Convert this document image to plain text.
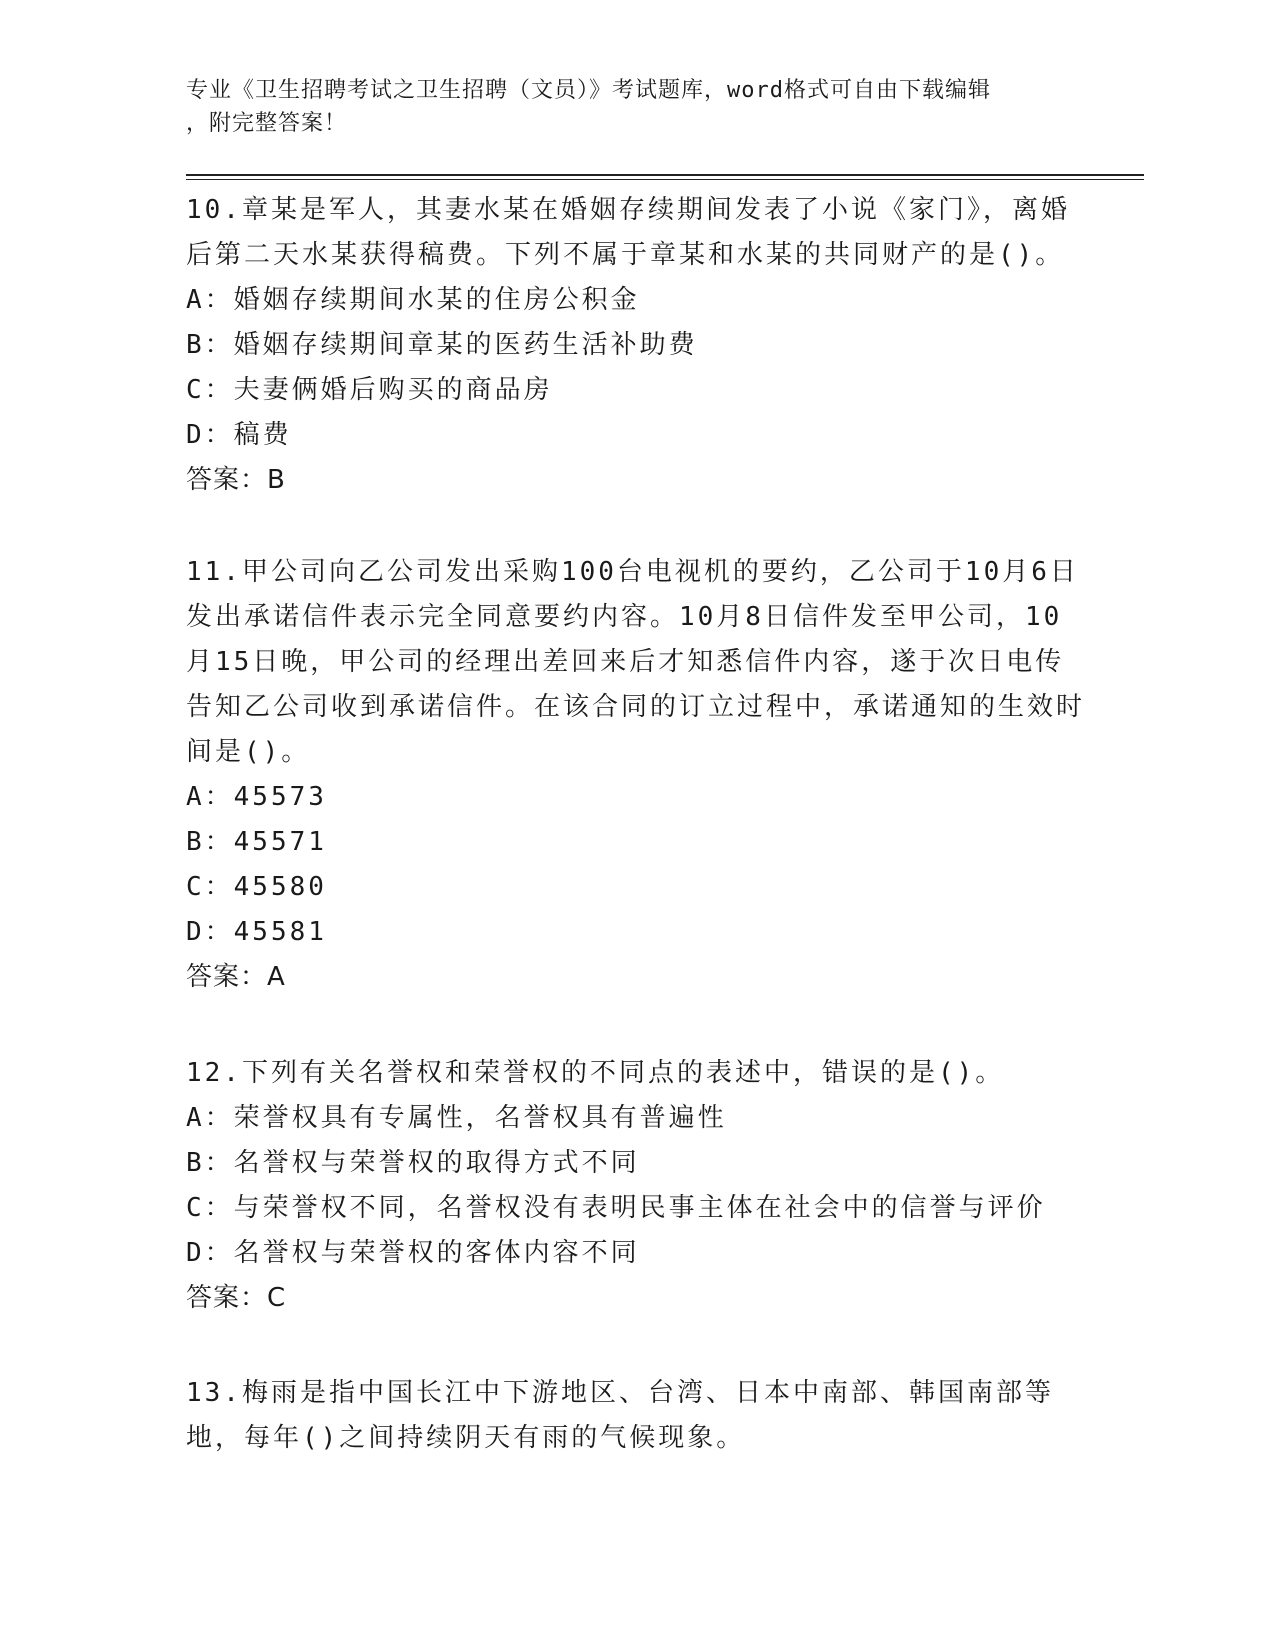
专业《卫生招聘考试之卫生招聘（文员）》考试题库，word格式可自由下载编辑

，附完整答案！

10.章某是军人，其妻水某在婚姻存续期间发表了小说《家门》，离婚后第二天水某获得稿费。下列不属于章某和水某的共同财产的是()。

A：婚姻存续期间水某的住房公积金

B：婚姻存续期间章某的医药生活补助费

C：夫妻俩婚后购买的商品房

D：稿费

答案：B

11.甲公司向乙公司发出采购100台电视机的要约，乙公司于10月6日发出承诺信件表示完全同意要约内容。10月8日信件发至甲公司，10月15日晚，甲公司的经理出差回来后才知悉信件内容，遂于次日电传告知乙公司收到承诺信件。在该合同的订立过程中，承诺通知的生效时间是()。

A：45573

B：45571

C：45580

D：45581

答案：A

12.下列有关名誉权和荣誉权的不同点的表述中，错误的是()。

A：荣誉权具有专属性，名誉权具有普遍性

B：名誉权与荣誉权的取得方式不同

C：与荣誉权不同，名誉权没有表明民事主体在社会中的信誉与评价

D：名誉权与荣誉权的客体内容不同

答案：C

13.梅雨是指中国长江中下游地区、台湾、日本中南部、韩国南部等地，每年()之间持续阴天有雨的气候现象。
